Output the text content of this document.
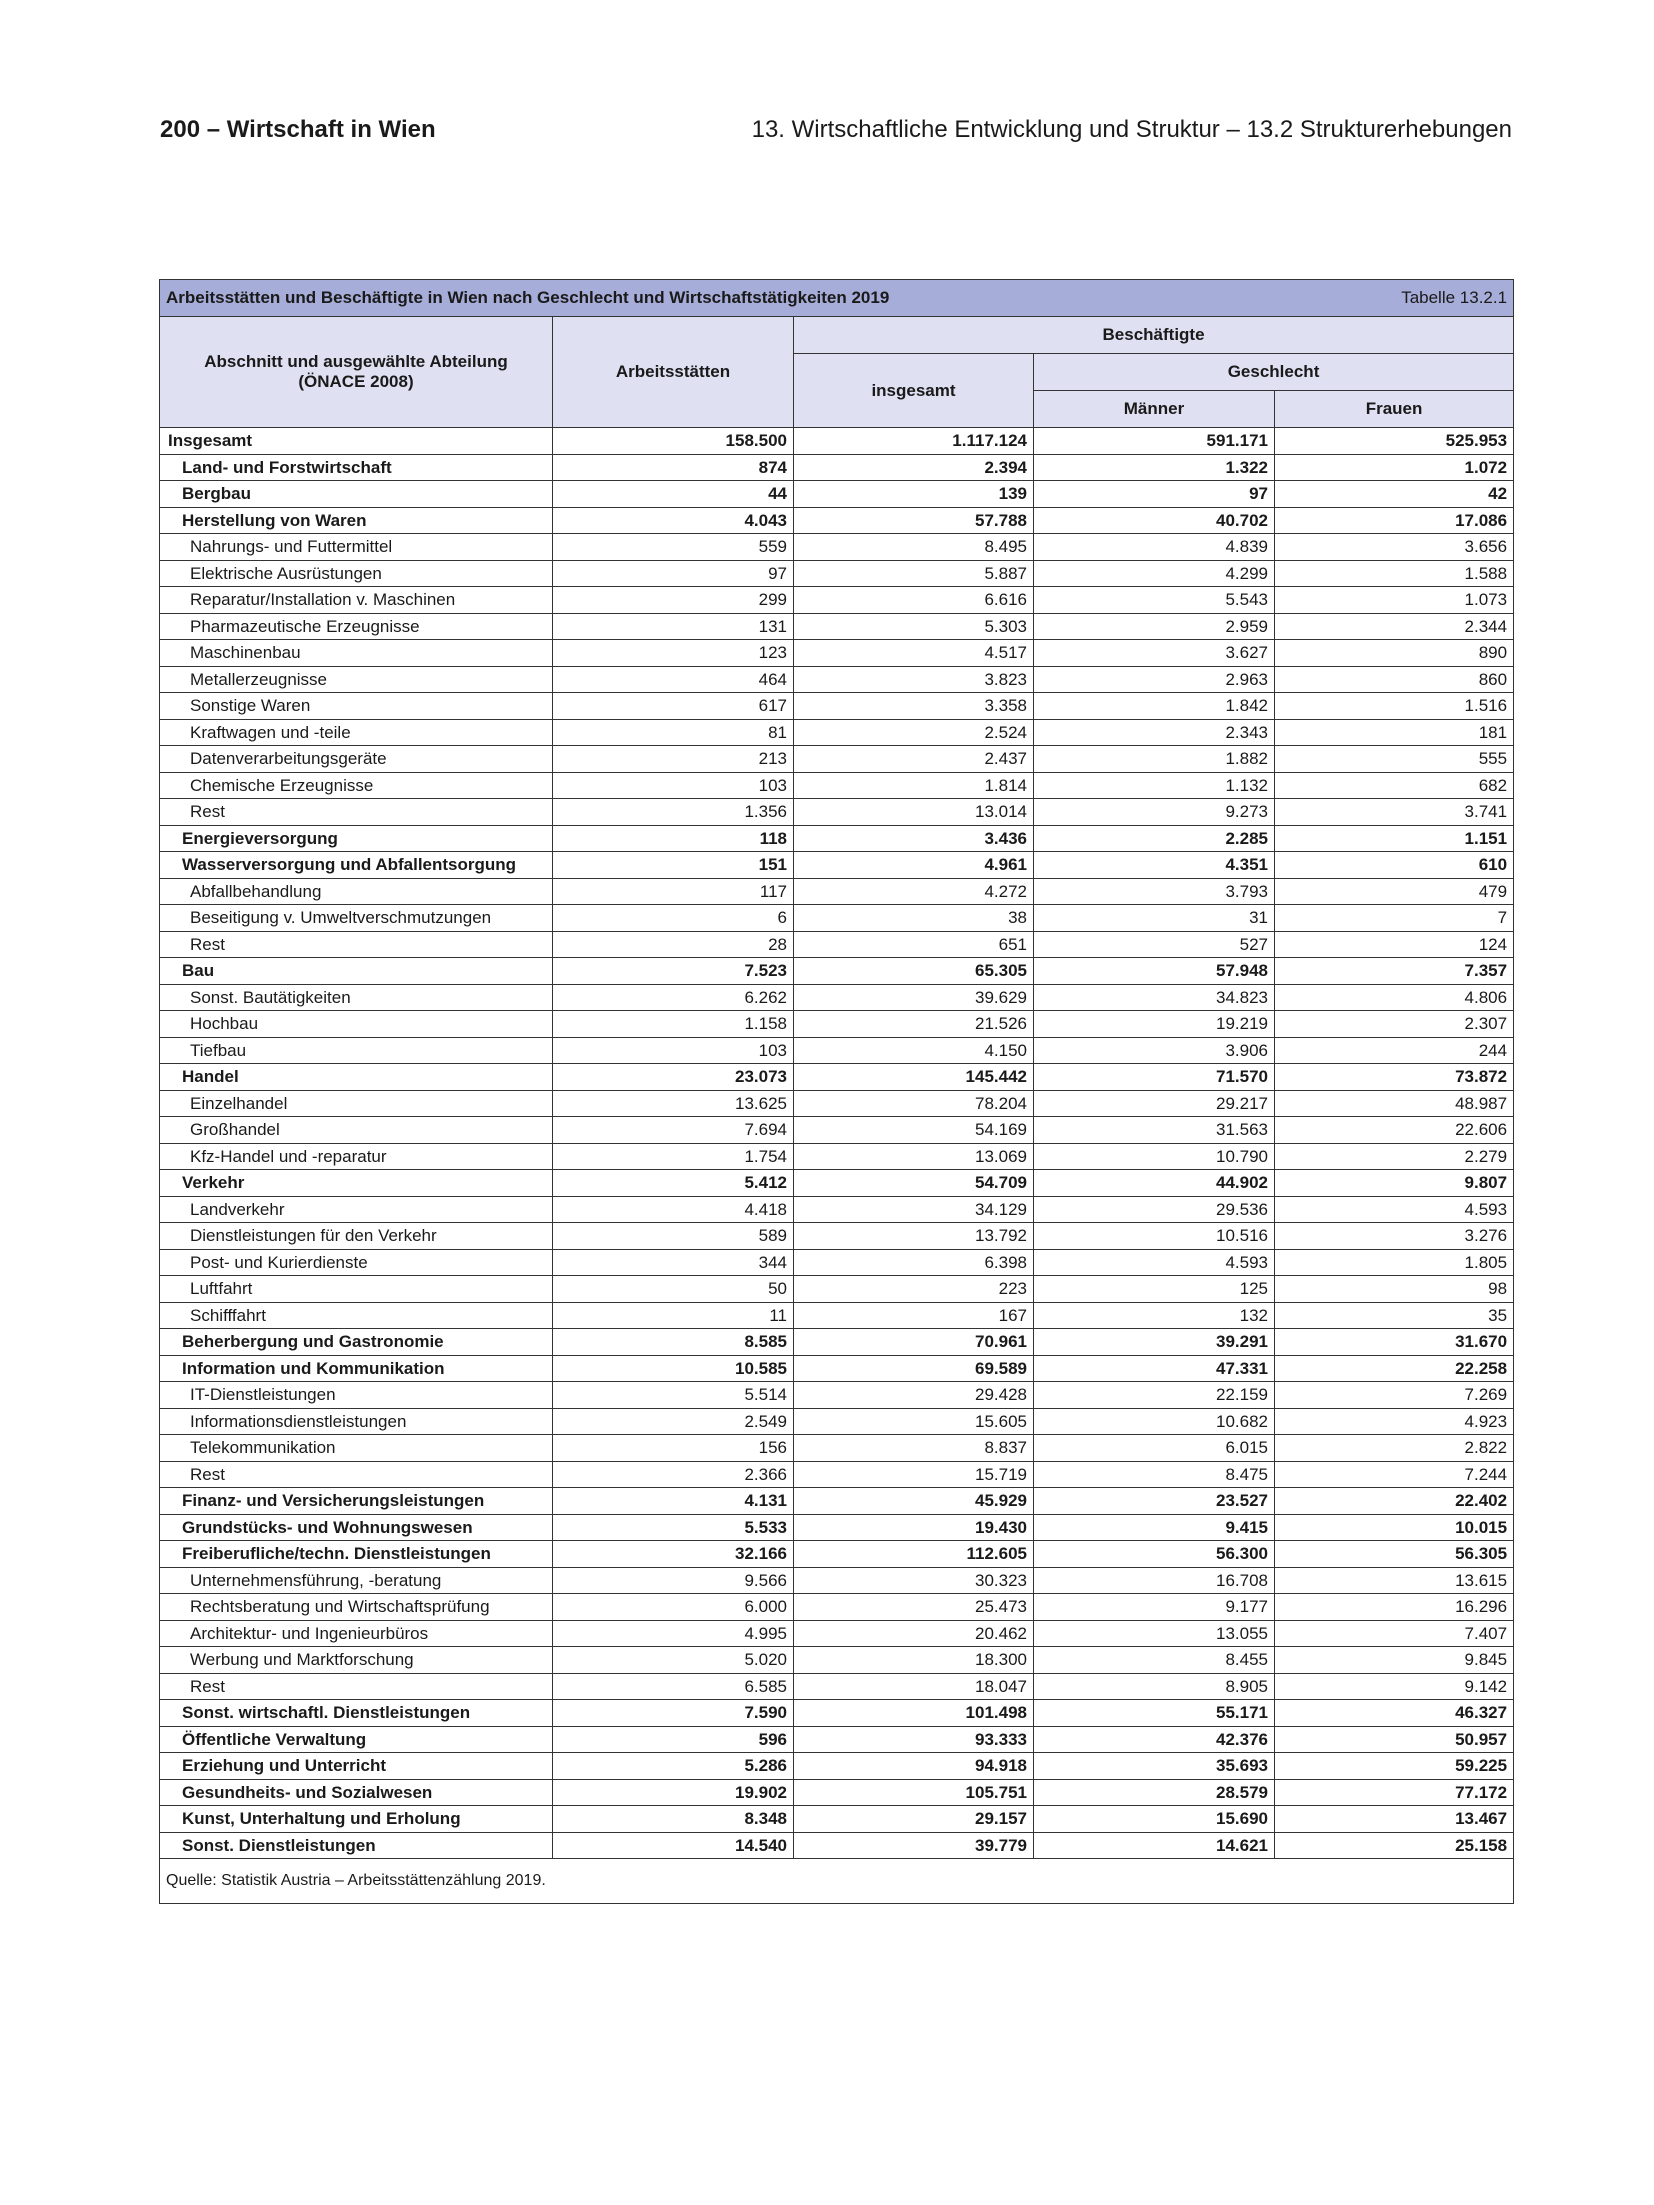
200 – Wirtschaft in Wien	13. Wirtschaftliche Entwicklung und Struktur – 13.2 Strukturerhebungen
Arbeitsstätten und Beschäftigte in Wien nach Geschlecht und Wirtschaftstätigkeiten 2019 Tabelle 13.2.1				

Abschnitt und ausgewählte Abteilung
(ÖNACE 2008)	Arbeitsstätten	Beschäftigte		
		insgesamt	Geschlecht	
			Männer	Frauen
Insgesamt	158.500	1.117.124	591.171	525.953
Land- und Forstwirtschaft	874	2.394	1.322	1.072
Bergbau	44	139	97	42
Herstellung von Waren	4.043	57.788	40.702	17.086
Nahrungs- und Futtermittel	559	8.495	4.839	3.656
Elektrische Ausrüstungen	97	5.887	4.299	1.588
Reparatur/Installation v. Maschinen	299	6.616	5.543	1.073
Pharmazeutische Erzeugnisse	131	5.303	2.959	2.344
Maschinenbau	123	4.517	3.627	890
Metallerzeugnisse	464	3.823	2.963	860
Sonstige Waren	617	3.358	1.842	1.516
Kraftwagen und -teile	81	2.524	2.343	181
Datenverarbeitungsgeräte	213	2.437	1.882	555
Chemische Erzeugnisse	103	1.814	1.132	682
Rest	1.356	13.014	9.273	3.741
Energieversorgung	118	3.436	2.285	1.151
Wasserversorgung und Abfallentsorgung	151	4.961	4.351	610
Abfallbehandlung	117	4.272	3.793	479
Beseitigung v. Umweltverschmutzungen	6	38	31	7
Rest	28	651	527	124
Bau	7.523	65.305	57.948	7.357
Sonst. Bautätigkeiten	6.262	39.629	34.823	4.806
Hochbau	1.158	21.526	19.219	2.307
Tiefbau	103	4.150	3.906	244
Handel	23.073	145.442	71.570	73.872
Einzelhandel	13.625	78.204	29.217	48.987
Großhandel	7.694	54.169	31.563	22.606
Kfz-Handel und -reparatur	1.754	13.069	10.790	2.279
Verkehr	5.412	54.709	44.902	9.807
Landverkehr	4.418	34.129	29.536	4.593
Dienstleistungen für den Verkehr	589	13.792	10.516	3.276
Post- und Kurierdienste	344	6.398	4.593	1.805
Luftfahrt	50	223	125	98
Schifffahrt	11	167	132	35
Beherbergung und Gastronomie	8.585	70.961	39.291	31.670
Information und Kommunikation	10.585	69.589	47.331	22.258
IT-Dienstleistungen	5.514	29.428	22.159	7.269
Informationsdienstleistungen	2.549	15.605	10.682	4.923
Telekommunikation	156	8.837	6.015	2.822
Rest	2.366	15.719	8.475	7.244
Finanz- und Versicherungsleistungen	4.131	45.929	23.527	22.402
Grundstücks- und Wohnungswesen	5.533	19.430	9.415	10.015
Freiberufliche/techn. Dienstleistungen	32.166	112.605	56.300	56.305
Unternehmensführung, -beratung	9.566	30.323	16.708	13.615
Rechtsberatung und Wirtschaftsprüfung	6.000	25.473	9.177	16.296
Architektur- und Ingenieurbüros	4.995	20.462	13.055	7.407
Werbung und Marktforschung	5.020	18.300	8.455	9.845
Rest	6.585	18.047	8.905	9.142
Sonst. wirtschaftl. Dienstleistungen	7.590	101.498	55.171	46.327
Öffentliche Verwaltung	596	93.333	42.376	50.957
Erziehung und Unterricht	5.286	94.918	35.693	59.225
Gesundheits- und Sozialwesen	19.902	105.751	28.579	77.172
Kunst, Unterhaltung und Erholung	8.348	29.157	15.690	13.467
Sonst. Dienstleistungen	14.540	39.779	14.621	25.158
Quelle: Statistik Austria – Arbeitsstättenzählung 2019.				
